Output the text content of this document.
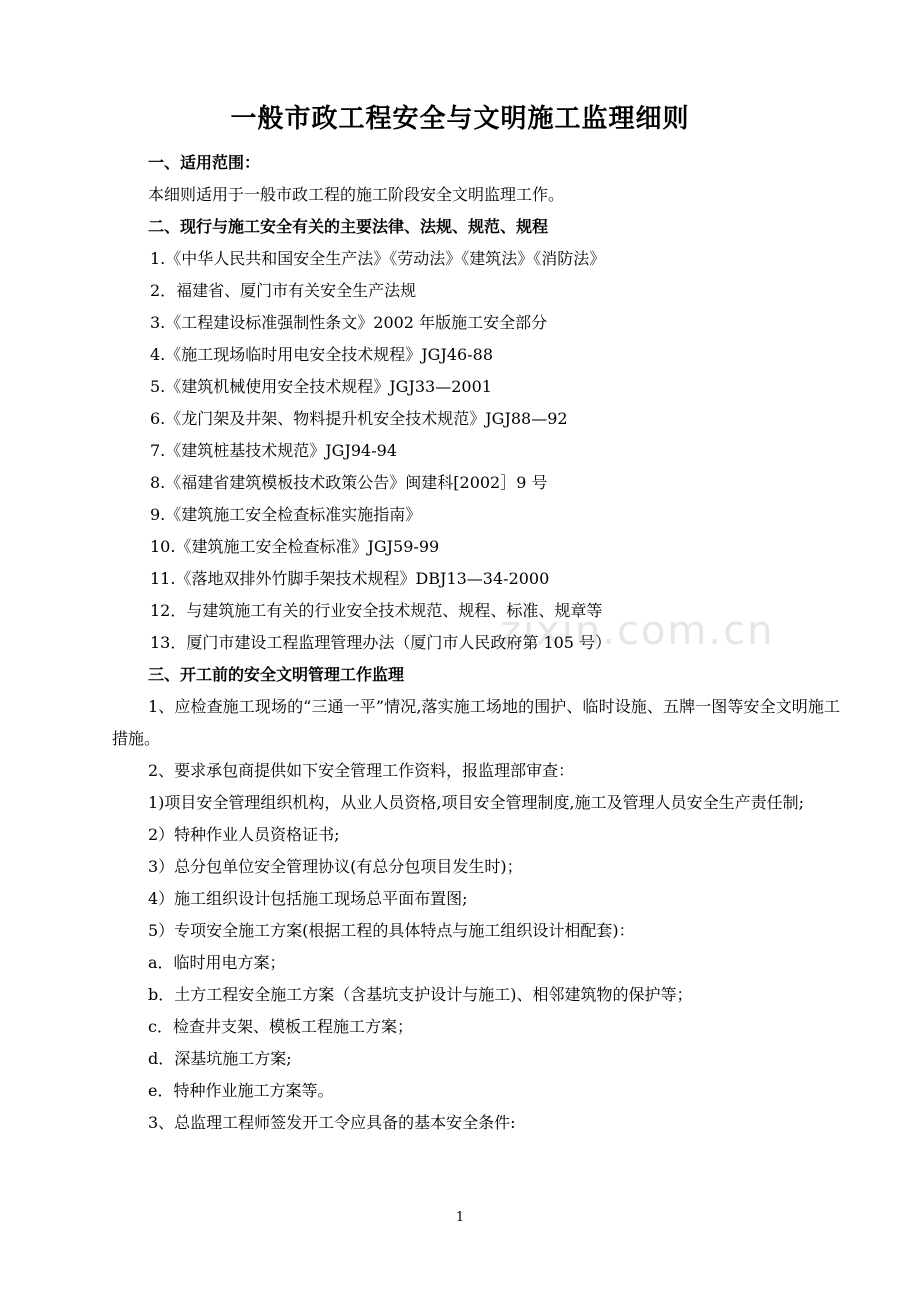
一般市政工程安全与文明施工监理细则
zixin.com.cn

一、适用范围：

本细则适用于一般市政工程的施工阶段安全文明监理工作。

二、现行与施工安全有关的主要法律、法规、规范、规程

1.《中华人民共和国安全生产法》《劳动法》《建筑法》《消防法》

2．福建省、厦门市有关安全生产法规

3.《工程建设标准强制性条文》2002 年版施工安全部分

4.《施工现场临时用电安全技术规程》JGJ46-88

5.《建筑机械使用安全技术规程》JGJ33—2001

6.《龙门架及井架、物料提升机安全技术规范》JGJ88—92

7.《建筑桩基技术规范》JGJ94-94

8.《福建省建筑模板技术政策公告》闽建科[2002］9 号

9.《建筑施工安全检查标准实施指南》

10.《建筑施工安全检查标准》JGJ59-99

11.《落地双排外竹脚手架技术规程》DBJ13—34-2000

12．与建筑施工有关的行业安全技术规范、规程、标准、规章等

13．厦门市建设工程监理管理办法（厦门市人民政府第 105 号）

三、开工前的安全文明管理工作监理

1、应检查施工现场的“三通一平”情况,落实施工场地的围护、临时设施、五牌一图等安全文明施工措施。

2、要求承包商提供如下安全管理工作资料，报监理部审查：

1)项目安全管理组织机构，从业人员资格,项目安全管理制度,施工及管理人员安全生产责任制;

2）特种作业人员资格证书;

3）总分包单位安全管理协议(有总分包项目发生时)；

4）施工组织设计包括施工现场总平面布置图;

5）专项安全施工方案(根据工程的具体特点与施工组织设计相配套)：

a．临时用电方案；

b．土方工程安全施工方案（含基坑支护设计与施工)、相邻建筑物的保护等；

c．检查井支架、模板工程施工方案；

d．深基坑施工方案;

e．特种作业施工方案等。

3、总监理工程师签发开工令应具备的基本安全条件:

1
